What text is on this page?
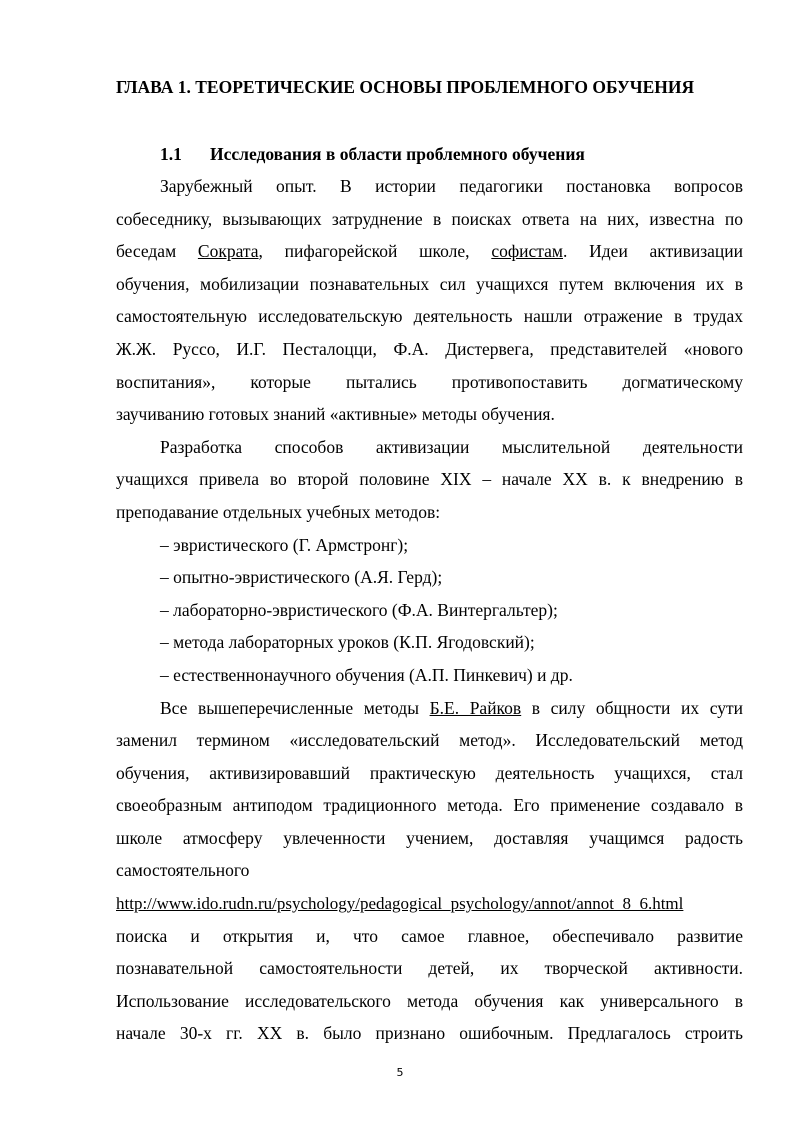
ГЛАВА 1. ТЕОРЕТИЧЕСКИЕ ОСНОВЫ ПРОБЛЕМНОГО ОБУЧЕНИЯ
1.1 Исследования в области проблемного обучения
Зарубежный опыт. В истории педагогики постановка вопросов
собеседнику, вызывающих затруднение в поисках ответа на них, известна по
беседам Сократа, пифагорейской школе, софистам. Идеи активизации
обучения, мобилизации познавательных сил учащихся путем включения их в
самостоятельную исследовательскую деятельность нашли отражение в трудах
Ж.Ж. Руссо, И.Г. Песталоцци, Ф.А. Дистервега, представителей «нового
воспитания», которые пытались противопоставить догматическому
заучиванию готовых знаний «активные» методы обучения.
Разработка способов активизации мыслительной деятельности
учащихся привела во второй половине XIX – начале XX в. к внедрению в
преподавание отдельных учебных методов:
– эвристического (Г. Армстронг);
– опытно-эвристического (А.Я. Герд);
– лабораторно-эвристического (Ф.А. Винтергальтер);
– метода лабораторных уроков (К.П. Ягодовский);
– естественнонаучного обучения (А.П. Пинкевич) и др.
Все вышеперечисленные методы Б.Е. Райков в силу общности их сути
заменил термином «исследовательский метод». Исследовательский метод
обучения, активизировавший практическую деятельность учащихся, стал
своеобразным антиподом традиционного метода. Его применение создавало в
школе атмосферу увлеченности учением, доставляя учащимся радость
самостоятельного
http://www.ido.rudn.ru/psychology/pedagogical_psychology/annot/annot_8_6.html
поиска и открытия и, что самое главное, обеспечивало развитие
познавательной самостоятельности детей, их творческой активности.
Использование исследовательского метода обучения как универсального в
начале 30-х гг. XX в. было признано ошибочным. Предлагалось строить
5
